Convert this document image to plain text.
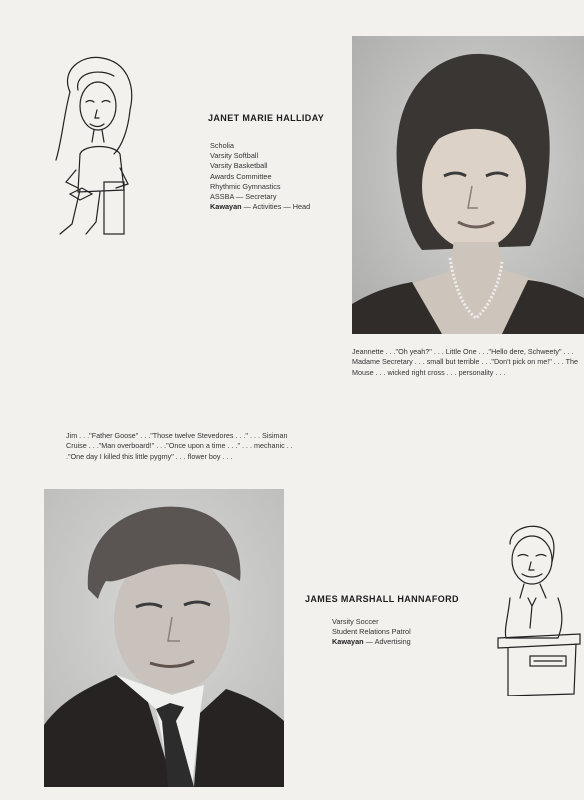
JANET MARIE HALLIDAY
Scholia
Varsity Softball
Varsity Basketball
Awards Committee
Rhythmic Gymnastics
ASSBA — Secretary
Kawayan — Activities — Head

Jeannette . . ."Oh yeah?" . . . Little One . . ."Hello dere, Schweety" . . . Madame Secretary . . . small but terrible . . ."Don't pick on me!" . . . The Mouse . . . wicked right cross . . . personality . . .

Jim . . ."Father Goose" . . ."Those twelve Stevedores . . ." . . . Sisiman Cruise . . ."Man overboard!" . . ."Once upon a time . . ." . . . mechanic . . ."One day I killed this little pygmy" . . . flower boy . . .

JAMES MARSHALL HANNAFORD
Varsity Soccer
Student Relations Patrol
Kawayan — Advertising
